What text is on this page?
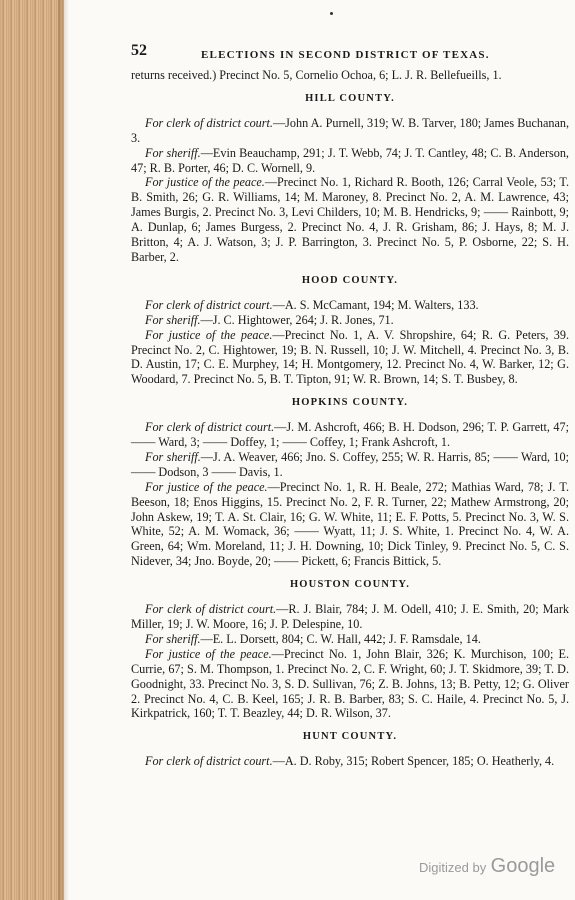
52	ELECTIONS IN SECOND DISTRICT OF TEXAS.

returns received.) Precinct No. 5, Cornelio Ochoa, 6; L. J. R. Bellefueills, 1.

HILL COUNTY.

For clerk of district court.—John A. Purnell, 319; W. B. Tarver, 180; James Buchanan, 3.

For sheriff.—Evin Beauchamp, 291; J. T. Webb, 74; J. T. Cantley, 48; C. B. Anderson, 47; R. B. Porter, 46; D. C. Wornell, 9.

For justice of the peace.—Precinct No. 1, Richard R. Booth, 126; Carral Veole, 53; T. B. Smith, 26; G. R. Williams, 14; M. Maroney, 8. Precinct No. 2, A. M. Lawrence, 43; James Burgis, 2. Precinct No. 3, Levi Childers, 10; M. B. Hendricks, 9; —— Rainbott, 9; A. Dunlap, 6; James Burgess, 2. Precinct No. 4, J. R. Grisham, 86; J. Hays, 8; M. J. Britton, 4; A. J. Watson, 3; J. P. Barrington, 3. Precinct No. 5, P. Osborne, 22; S. H. Barber, 2.

HOOD COUNTY.

For clerk of district court.—A. S. McCamant, 194; M. Walters, 133.

For sheriff.—J. C. Hightower, 264; J. R. Jones, 71.

For justice of the peace.—Precinct No. 1, A. V. Shropshire, 64; R. G. Peters, 39. Precinct No. 2, C. Hightower, 19; B. N. Russell, 10; J. W. Mitchell, 4. Precinct No. 3, B. D. Austin, 17; C. E. Murphey, 14; H. Montgomery, 12. Precinct No. 4, W. Barker, 12; G. Woodard, 7. Precinct No. 5, B. T. Tipton, 91; W. R. Brown, 14; S. T. Busbey, 8.

HOPKINS COUNTY.

For clerk of district court.—J. M. Ashcroft, 466; B. H. Dodson, 296; T. P. Garrett, 47; —— Ward, 3; —— Doffey, 1; —— Coffey, 1; Frank Ashcroft, 1.

For sheriff.—J. A. Weaver, 466; Jno. S. Coffey, 255; W. R. Harris, 85; —— Ward, 10; —— Dodson, 3 —— Davis, 1.

For justice of the peace.—Precinct No. 1, R. H. Beale, 272; Mathias Ward, 78; J. T. Beeson, 18; Enos Higgins, 15. Precinct No. 2, F. R. Turner, 22; Mathew Armstrong, 20; John Askew, 19; T. A. St. Clair, 16; G. W. White, 11; E. F. Potts, 5. Precinct No. 3, W. S. White, 52; A. M. Womack, 36; —— Wyatt, 11; J. S. White, 1. Precinct No. 4, W. A. Green, 64; Wm. Moreland, 11; J. H. Downing, 10; Dick Tinley, 9. Precinct No. 5, C. S. Nidever, 34; Jno. Boyde, 20; —— Pickett, 6; Francis Bittick, 5.

HOUSTON COUNTY.

For clerk of district court.—R. J. Blair, 784; J. M. Odell, 410; J. E. Smith, 20; Mark Miller, 19; J. W. Moore, 16; J. P. Delespine, 10.

For sheriff.—E. L. Dorsett, 804; C. W. Hall, 442; J. F. Ramsdale, 14.

For justice of the peace.—Precinct No. 1, John Blair, 326; K. Murchison, 100; E. Currie, 67; S. M. Thompson, 1. Precinct No. 2, C. F. Wright, 60; J. T. Skidmore, 39; T. D. Goodnight, 33. Precinct No. 3, S. D. Sullivan, 76; Z. B. Johns, 13; B. Petty, 12; G. Oliver 2. Precinct No. 4, C. B. Keel, 165; J. R. B. Barber, 83; S. C. Haile, 4. Precinct No. 5, J. Kirkpatrick, 160; T. T. Beazley, 44; D. R. Wilson, 37.

HUNT COUNTY.

For clerk of district court.—A. D. Roby, 315; Robert Spencer, 185; O. Heatherly, 4.

Digitized by Google
